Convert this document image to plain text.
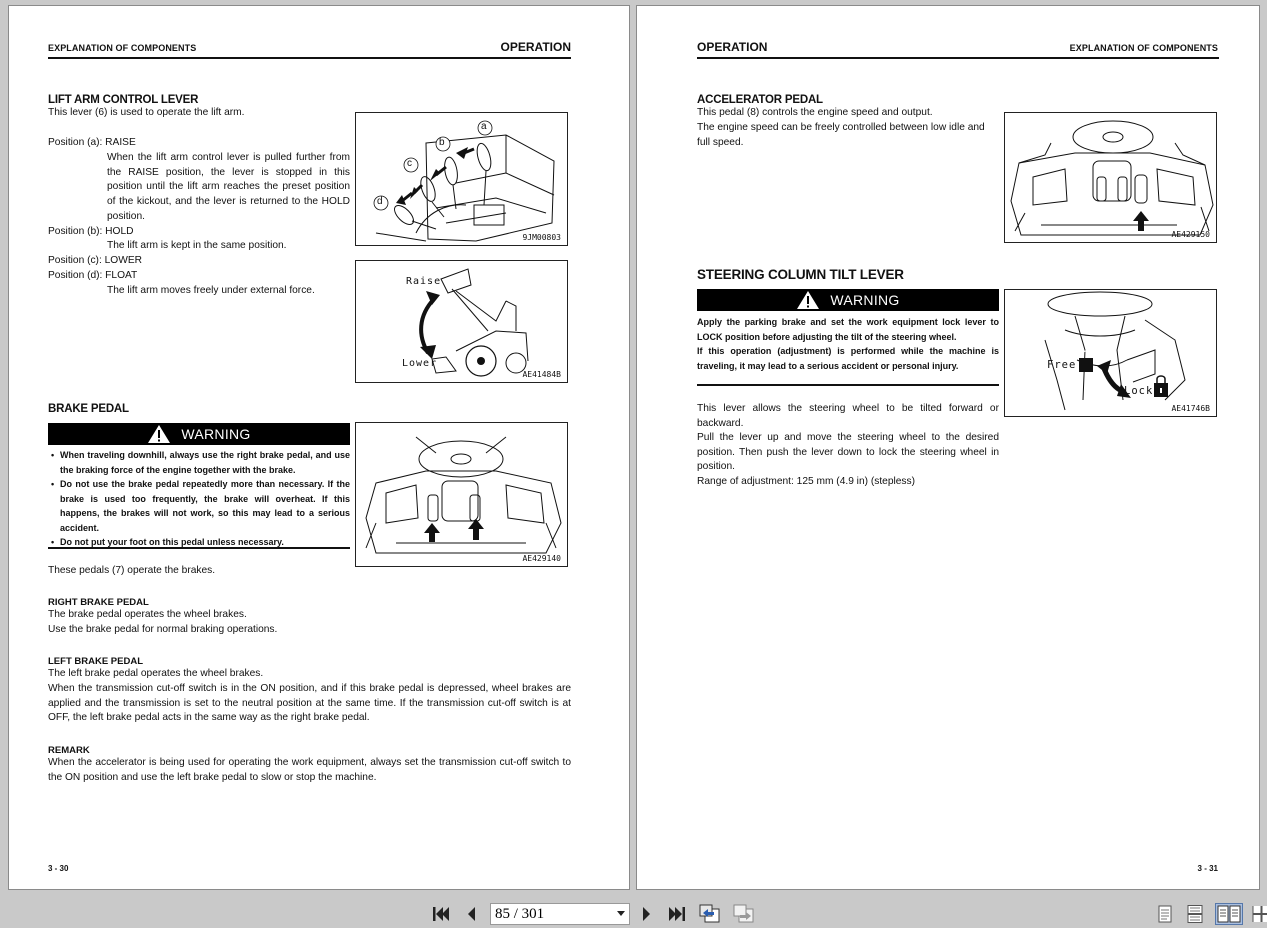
EXPLANATION OF COMPONENTS	OPERATION
LIFT ARM CONTROL LEVER
This lever (6) is used to operate the lift arm.
Position (a): RAISE
When the lift arm control lever is pulled further from the RAISE position, the lever is stopped in this position until the lift arm reaches the preset position of the kickout, and the lever is returned to the HOLD position.
Position (b): HOLD
The lift arm is kept in the same position.
Position (c): LOWER
Position (d): FLOAT
The lift arm moves freely under external force.
a
b
c
d
9JM00803
Raise
Lower
AE41484B
BRAKE PEDAL
WARNING
• When traveling downhill, always use the right brake pedal, and use the braking force of the engine together with the brake.
• Do not use the brake pedal repeatedly more than necessary. If the brake is used too frequently, the brake will overheat. If this happens, the brakes will not work, so this may lead to a serious accident.
• Do not put your foot on this pedal unless necessary.
AE429140
These pedals (7) operate the brakes.
RIGHT BRAKE PEDAL
The brake pedal operates the wheel brakes.
Use the brake pedal for normal braking operations.
LEFT BRAKE PEDAL
The left brake pedal operates the wheel brakes.
When the transmission cut-off switch is in the ON position, and if this brake pedal is depressed, wheel brakes are applied and the transmission is set to the neutral position at the same time. If the transmission cut-off switch is at OFF, the left brake pedal acts in the same way as the right brake pedal.
REMARK
When the accelerator is being used for operating the work equipment, always set the transmission cut-off switch to the ON position and use the left brake pedal to slow or stop the machine.
3 - 30
OPERATION	EXPLANATION OF COMPONENTS
ACCELERATOR PEDAL
This pedal (8) controls the engine speed and output.
The engine speed can be freely controlled between low idle and full speed.
AE429150
STEERING COLUMN TILT LEVER
WARNING
Apply the parking brake and set the work equipment lock lever to LOCK position before adjusting the tilt of the steering wheel.
If this operation (adjustment) is performed while the machine is traveling, it may lead to a serious accident or personal injury.	Free
Lock
AE41746B
This lever allows the steering wheel to be tilted forward or backward.
Pull the lever up and move the steering wheel to the desired position. Then push the lever down to lock the steering wheel in position.
Range of adjustment: 125 mm (4.9 in) (stepless)
3 - 31
85 / 301
